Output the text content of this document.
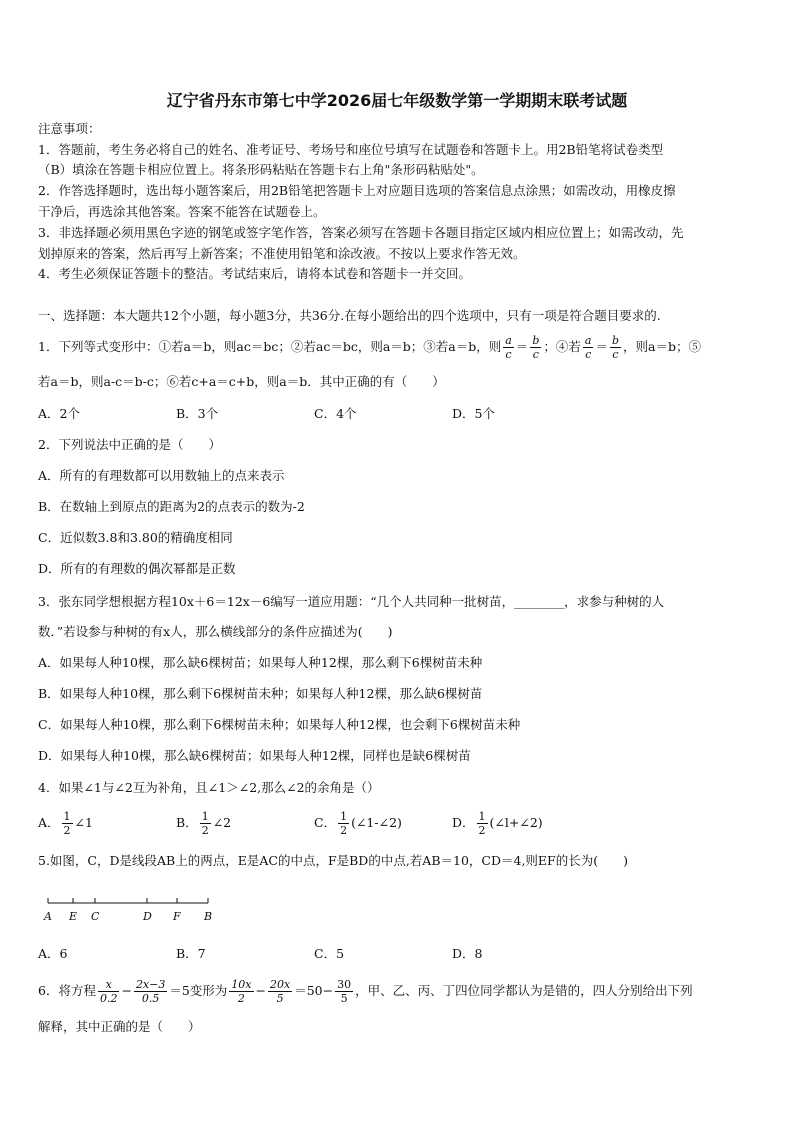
辽宁省丹东市第七中学2026届七年级数学第一学期期末联考试题
注意事项：
1．答题前，考生务必将自己的姓名、准考证号、考场号和座位号填写在试题卷和答题卡上。用2B铅笔将试卷类型
（B）填涂在答题卡相应位置上。将条形码粘贴在答题卡右上角"条形码粘贴处"。
2．作答选择题时，选出每小题答案后，用2B铅笔把答题卡上对应题目选项的答案信息点涂黑；如需改动，用橡皮擦
干净后，再选涂其他答案。答案不能答在试题卷上。
3．非选择题必须用黑色字迹的钢笔或签字笔作答，答案必须写在答题卡各题目指定区域内相应位置上；如需改动，先
划掉原来的答案，然后再写上新答案；不准使用铅笔和涂改液。不按以上要求作答无效。
4．考生必须保证答题卡的整洁。考试结束后，请将本试卷和答题卡一并交回。
一、选择题：本大题共12个小题，每小题3分，共36分.在每小题给出的四个选项中，只有一项是符合题目要求的.
1．下列等式变形中：①若a＝b，则ac＝bc；②若ac＝bc，则a＝b；③若a＝b，则 $\frac{a}{c} = \frac{b}{c}$ ；④若 $\frac{a}{c} = \frac{b}{c}$ ，则a＝b；⑤
若a＝b，则a-c＝b-c；⑥若c+a＝c+b，则a＝b．其中正确的有（　　）
A．2个	B．3个	C．4个	D．5个
2．下列说法中正确的是（　　）
A．所有的有理数都可以用数轴上的点来表示
B．在数轴上到原点的距离为2的点表示的数为-2
C．近似数3.8和3.80的精确度相同
D．所有的有理数的偶次幂都是正数
3．张东同学想根据方程10x＋6＝12x－6编写一道应用题：“几个人共同种一批树苗，________，求参与种树的人
数．”若设参与种树的有x人，那么横线部分的条件应描述为(　　)
A．如果每人种10棵，那么缺6棵树苗；如果每人种12棵，那么剩下6棵树苗未种
B．如果每人种10棵，那么剩下6棵树苗未种；如果每人种12棵，那么缺6棵树苗
C．如果每人种10棵，那么剩下6棵树苗未种；如果每人种12棵，也会剩下6棵树苗未种
D．如果每人种10棵，那么缺6棵树苗；如果每人种12棵，同样也是缺6棵树苗
4．如果∠1与∠2互为补角，且∠1＞∠2,那么∠2的余角是（）
A． $\frac{1}{2}$ ∠1	B． $\frac{1}{2}$ ∠2	C． $\frac{1}{2}$ (∠1-∠2)	D． $\frac{1}{2}$ (∠l+∠2)
5.如图，C，D是线段AB上的两点，E是AC的中点，F是BD的中点,若AB＝10，CD＝4,则EF的长为(　　)
A E C	D F B
A．6	B．7	C．5	D．8
6．将方程 $\frac{x}{0.2} - \frac{2x-3}{0.5} =5$变形为 $\frac{10x}{2} - \frac{20x}{5} =50- \frac{30}{5}$ ，甲、乙、丙、丁四位同学都认为是错的，四人分别给出下列
解释，其中正确的是（　　）
